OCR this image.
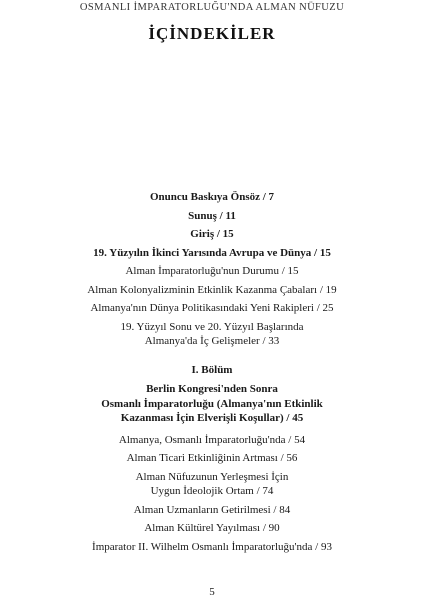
OSMANLI İMPARATORLUĞU'NDA ALMAN NÜFUZU
İÇİNDEKİLER
Onuncu Baskıya Önsöz / 7
Sunuş / 11
Giriş / 15
19. Yüzyılın İkinci Yarısında Avrupa ve Dünya / 15
Alman İmparatorluğu'nun Durumu / 15
Alman Kolonyalizminin Etkinlik Kazanma Çabaları / 19
Almanya'nın Dünya Politikasındaki Yeni Rakipleri / 25
19. Yüzyıl Sonu ve 20. Yüzyıl Başlarında
Almanya'da İç Gelişmeler / 33
I. Bölüm
Berlin Kongresi'nden Sonra
Osmanlı İmparatorluğu (Almanya'nın Etkinlik
Kazanması İçin Elverişli Koşullar) / 45
Almanya, Osmanlı İmparatorluğu'nda / 54
Alman Ticari Etkinliğinin Artması / 56
Alman Nüfuzunun Yerleşmesi İçin
Uygun İdeolojik Ortam / 74
Alman Uzmanların Getirilmesi / 84
Alman Kültürel Yayılması / 90
İmparator II. Wilhelm Osmanlı İmparatorluğu'nda / 93
5
